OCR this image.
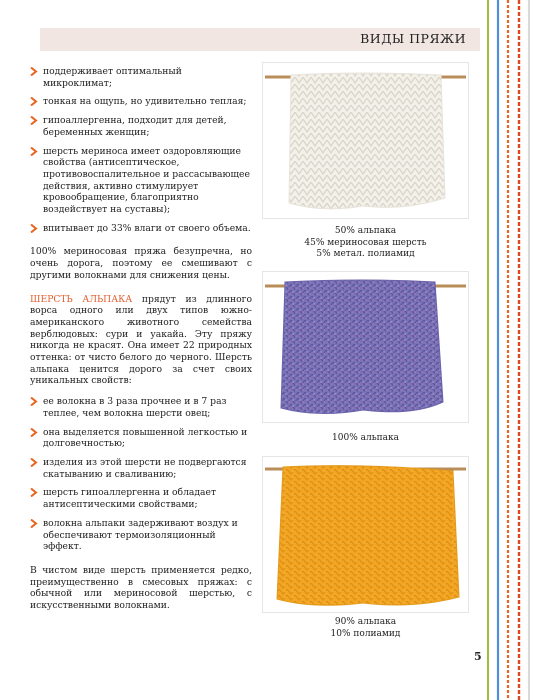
ВИДЫ ПРЯЖИ
поддерживает оптимальный микроклимат;
тонкая на ощупь, но удивительно теплая;
гипоаллергенна, подходит для детей, беременных женщин;
шерсть мериноса имеет оздоровляющие свойства (антисептическое, противовоспалительное и рассасывающее действия, активно стимулирует кровообращение, благоприятно воздействует на суставы);
впитывает до 33% влаги от своего объема.

100% мериносовая пряжа безупречна, но очень дорога, поэтому ее смешивают с другими волокнами для снижения цены.

ШЕРСТЬ АЛЬПАКА прядут из длинного ворса одного или двух типов южно-американского животного семейства верблюдовых: сури и уакайа. Эту пряжу никогда не красят. Она имеет 22 природных оттенка: от чисто белого до черного. Шерсть альпака ценится дорого за счет своих уникальных свойств:

ее волокна в 3 раза прочнее и в 7 раз теплее, чем волокна шерсти овец;
она выделяется повышенной легкостью и долговечностью;
изделия из этой шерсти не подвергаются скатыванию и сваливанию;
шерсть гипоаллергенна и обладает антисептическими свойствами;
волокна альпаки задерживают воздух и обеспечивают термоизоляционный эффект.

В чистом виде шерсть применяется редко, преимущественно в смесовых пряжах: с обычной или мериносовой шерстью, с искусственными волокнами.

50% альпака
45% мериносовая шерсть
5% метал. полиамид
100% альпака
90% альпака
10% полиамид
5
